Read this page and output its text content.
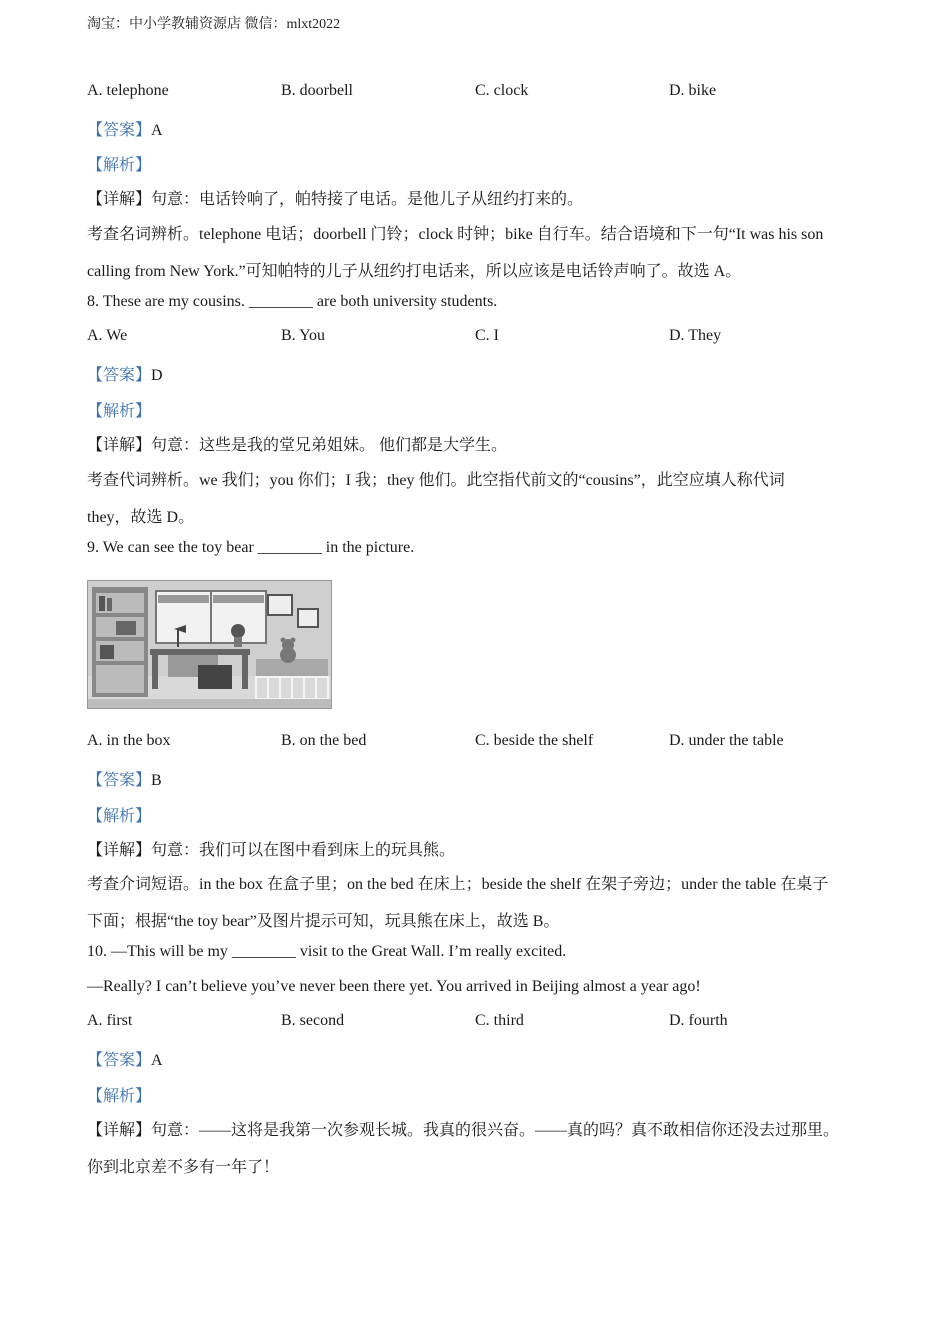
淘宝：中小学教辅资源店 微信：mlxt2022
A. telephone	B. doorbell	C. clock	D. bike
【答案】A
【解析】
【详解】句意：电话铃响了，帕特接了电话。是他儿子从纽约打来的。
考查名词辨析。telephone 电话；doorbell 门铃；clock 时钟；bike 自行车。结合语境和下一句“It was his son
calling from New York.”可知帕特的儿子从纽约打电话来，所以应该是电话铃声响了。故选 A。
8. These are my cousins. ________ are both university students.
A. We	B. You	C. I	D. They
【答案】D
【解析】
【详解】句意：这些是我的堂兄弟姐妹。 他们都是大学生。
考查代词辨析。we 我们；you 你们；I 我；they 他们。此空指代前文的“cousins”，此空应填人称代词
they，故选 D。
9. We can see the toy bear ________ in the picture.
A. in the box	B. on the bed	C. beside the shelf	D. under the table
【答案】B
【解析】
【详解】句意：我们可以在图中看到床上的玩具熊。
考查介词短语。in the box 在盒子里；on the bed 在床上；beside the shelf 在架子旁边；under the table 在桌子
下面；根据“the toy bear”及图片提示可知，玩具熊在床上，故选 B。
10. —This will be my ________ visit to the Great Wall. I’m really excited.
—Really? I can’t believe you’ve never been there yet. You arrived in Beijing almost a year ago!
A. first	B. second	C. third	D. fourth
【答案】A
【解析】
【详解】句意：——这将是我第一次参观长城。我真的很兴奋。——真的吗？真不敢相信你还没去过那里。
你到北京差不多有一年了！
